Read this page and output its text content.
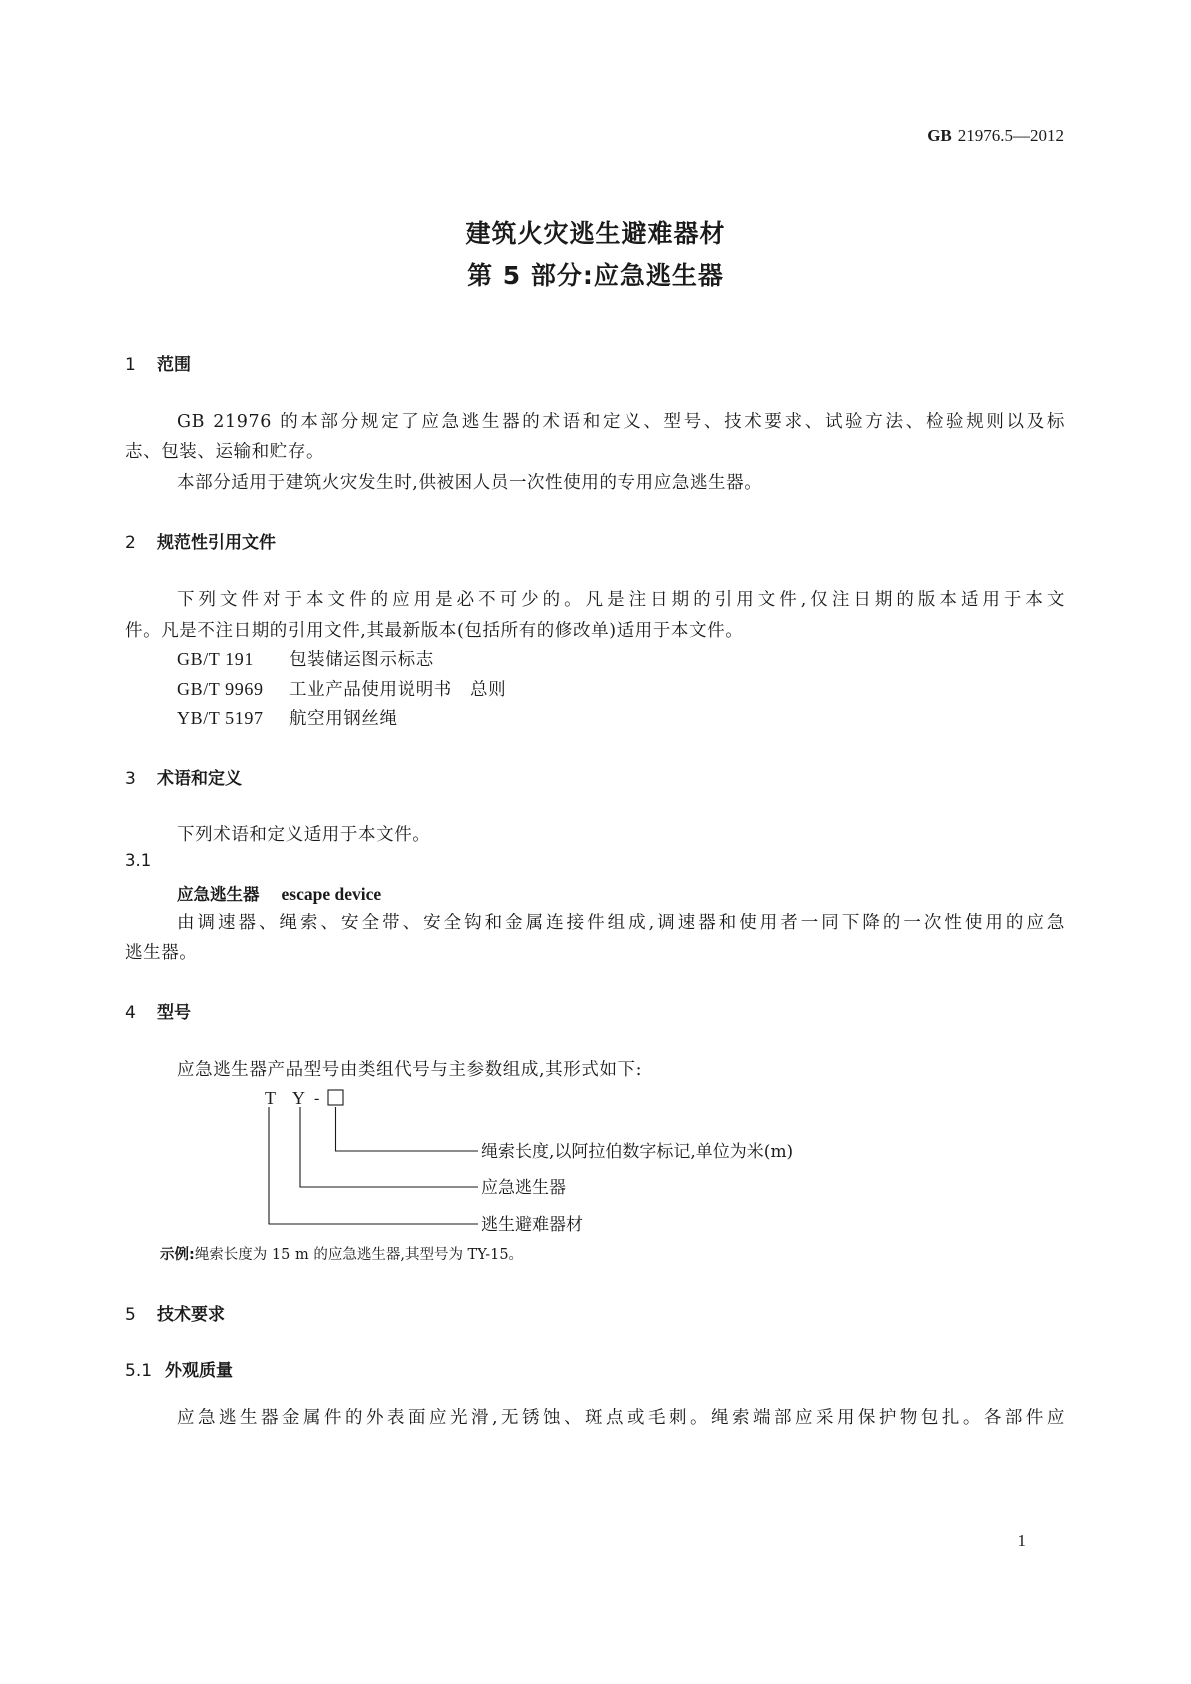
GB 21976.5—2012
建筑火灾逃生避难器材
第 5 部分:应急逃生器
1 范围
GB 21976 的本部分规定了应急逃生器的术语和定义、型号、技术要求、试验方法、检验规则以及标
志、包装、运输和贮存。
本部分适用于建筑火灾发生时,供被困人员一次性使用的专用应急逃生器。
2 规范性引用文件
下列文件对于本文件的应用是必不可少的。凡是注日期的引用文件,仅注日期的版本适用于本文
件。凡是不注日期的引用文件,其最新版本(包括所有的修改单)适用于本文件。
GB/T 191 包装储运图示标志
GB/T 9969 工业产品使用说明书　总则
YB/T 5197 航空用钢丝绳
3 术语和定义
下列术语和定义适用于本文件。
3.1
应急逃生器 escape device
由调速器、绳索、安全带、安全钩和金属连接件组成,调速器和使用者一同下降的一次性使用的应急
逃生器。
4 型号
应急逃生器产品型号由类组代号与主参数组成,其形式如下:
T Y -
绳索长度,以阿拉伯数字标记,单位为米(m)
应急逃生器
逃生避难器材
示例:绳索长度为 15 m 的应急逃生器,其型号为 TY-15。
5 技术要求
5.1 外观质量
应急逃生器金属件的外表面应光滑,无锈蚀、斑点或毛刺。绳索端部应采用保护物包扎。各部件应
1
